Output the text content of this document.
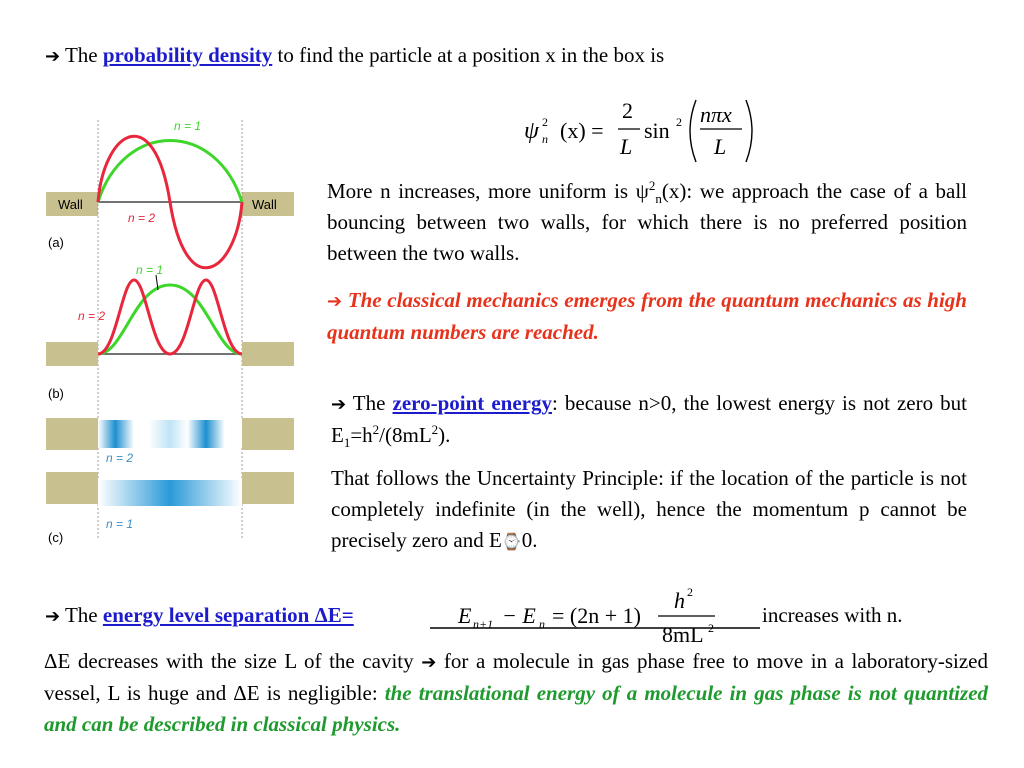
➔ The probability density to find the particle at a position x in the box is
ψ 2
n (x) =
2
L
sin 2 nπx
L
Wall	Wall
n = 1
n = 2
(a)
n = 1
n = 2
(b)
n = 2
n = 1
(c)
More n increases, more uniform is $\psi^2_n(x)$: we approach the case of a ball bouncing between two walls, for which there is no preferred position between the two walls.
➔ The classical mechanics emerges from the quantum mechanics as high quantum numbers are reached.
➔ The zero-point energy: because n>0, the lowest energy is not zero but $E_1=h^2/(8mL^2)$.
That follows the Uncertainty Principle: if the location of the particle is not completely indefinite (in the well), hence the momentum p cannot be precisely zero and E⌚0.
➔ The energy level separation ΔE=	E n+1 − E n = (2n + 1)
h 2
8mL 2
increases with n.
ΔE decreases with the size L of the cavity ➔ for a molecule in gas phase free to move in a laboratory-sized vessel, L is huge and ΔE is negligible: the translational energy of a molecule in gas phase is not quantized and can be described in classical physics.
